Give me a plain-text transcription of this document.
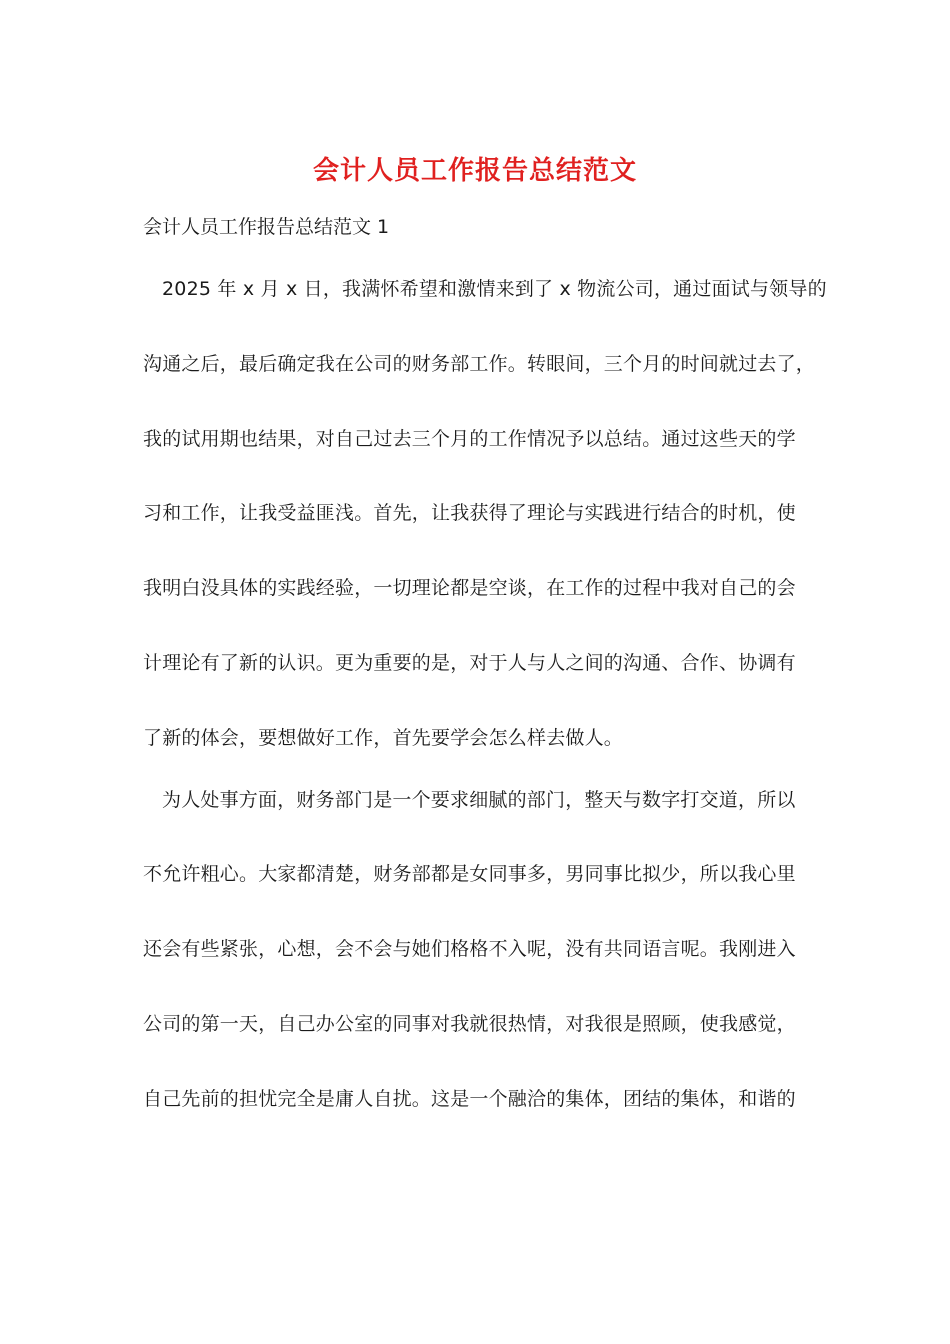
会计人员工作报告总结范文
会计人员工作报告总结范文 1
2025 年 x 月 x 日，我满怀希望和激情来到了 x 物流公司，通过面试与领导的
沟通之后，最后确定我在公司的财务部工作。转眼间，三个月的时间就过去了，
我的试用期也结果，对自己过去三个月的工作情况予以总结。通过这些天的学
习和工作，让我受益匪浅。首先，让我获得了理论与实践进行结合的时机，使
我明白没具体的实践经验，一切理论都是空谈，在工作的过程中我对自己的会
计理论有了新的认识。更为重要的是，对于人与人之间的沟通、合作、协调有
了新的体会，要想做好工作，首先要学会怎么样去做人。
为人处事方面，财务部门是一个要求细腻的部门，整天与数字打交道，所以
不允许粗心。大家都清楚，财务部都是女同事多，男同事比拟少，所以我心里
还会有些紧张，心想，会不会与她们格格不入呢，没有共同语言呢。我刚进入
公司的第一天，自己办公室的同事对我就很热情，对我很是照顾，使我感觉，
自己先前的担忧完全是庸人自扰。这是一个融洽的集体，团结的集体，和谐的
